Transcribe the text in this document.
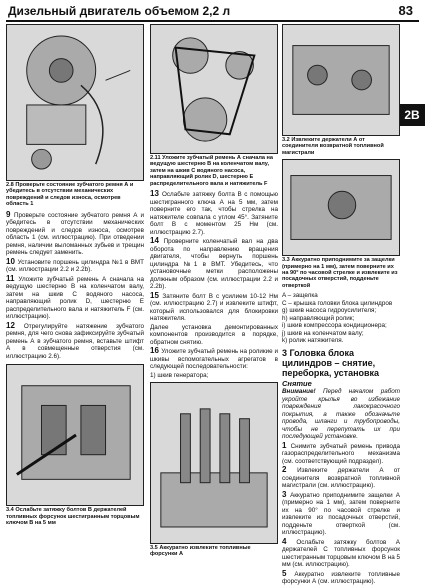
Дизельный двигатель объемом 2,2 л	83
2В
2.8 Проверьте состояние зубчатого ремня А и убедитесь в отсутствии механических повреждений и следов износа, осмотрев область 1

9 Проверьте состояние зубчатого ремня А и убедитесь в отсутствии механических повреждений и следов износа, осмотрев область 1 (см. иллюстрацию). При отведении ремня, наличии выломанных зубьев и трещин ремень следует заменить.

10 Установите поршень цилиндра №1 в ВМТ (см. иллюстрации 2.2 и 2.2b).

11 Уложите зубчатый ремень А сначала на ведущую шестерню В на коленчатом валу, затем на шкив С водяного насоса, направляющий ролик D, шестерню E распределительного вала и натяжитель F (см. иллюстрацию).

12 Отрегулируйте натяжение зубчатого ремня, для чего снова зафиксируйте зубчатый ремень А в зубчатого ремня, вставьте штифт А в совмещенные отверстия (см. иллюстрацию 2.6).

3.4 Ослабьте затяжку болтов В держателей топливных форсунок шестигранным торцовым ключом В на 5 мм
2.11 Уложите зубчатый ремень А сначала на ведущую шестерню В на коленчатом валу, затем на шкив С водяного насоса, направляющий ролик D, шестерню E распределительного вала и натяжитель F

13 Ослабьте затяжку болта В с помощью шестигранного ключа А на 5 мм, затем поверните его так, чтобы стрелка на натяжителе совпала с углом 45°. Затяните болт В с моментом 25 Нм (см. иллюстрацию 2.7).

14 Проверните коленчатый вал на два оборота по направлению вращения двигателя, чтобы вернуть поршень цилиндра №1 в ВМТ. Убедитесь, что установочные метки расположены должным образом (см. иллюстрации 2.2 и 2.2b).

15 Затяните болт В с усилием 10-12 Нм (см. иллюстрацию 2.7) и извлеките штифт, который использовался для блокировки натяжителя.

Далее установка демонтированных компонентов производится в порядке, обратном снятию.

16 Уложите зубчатый ремень на роликие и шкивы вспомогательных агрегатов в следующей последовательности:

1) шкив генератора;

3.5 Аккуратно извлеките топливные форсунки А
3.2 Извлеките держатели А от соединителя возвратной топливной магистрали
3.3 Аккуратно приподнимите за защелки (примерно на 1 мм), затем поверните их на 90° по часовой стрелке и извлеките из посадочных отверстий, подденьте отверткой

A – защелка

C – крышка головки блока цилиндров

g) шкив насоса гидроусилителя;

h) направляющий ролик;

i) шкив компрессора кондиционера;

j) шкив на коленчатом валу;

k) ролик натяжителя.

3 Головка блока цилиндров – снятие, переборка, установка
Снятие

Внимание! Перед началом работ укройте крылья во избежание повреждения лакокрасочного покрытия, а также обозначьте провода, шланги и трубопроводы, чтобы не перепутать их при последующей установке.

1 Снимите зубчатый ремень привода газораспределительного механизма (см. соответствующий подраздел).

2 Извлеките держатели А от соединителя возвратной топливной магистрали (см. иллюстрацию).

3 Аккуратно приподнимите защелки А (примерно на 1 мм), затем поверните их на 90° по часовой стрелке и извлеките из посадочных отверстий, подденьте отверткой (см. иллюстрацию).

4 Ослабьте затяжку болтов А держателей С топливных форсунок шестигранным торцовым ключом В на 5 мм (см. иллюстрацию).

5 Аккуратно извлеките топливные форсунки А (см. иллюстрацию).
